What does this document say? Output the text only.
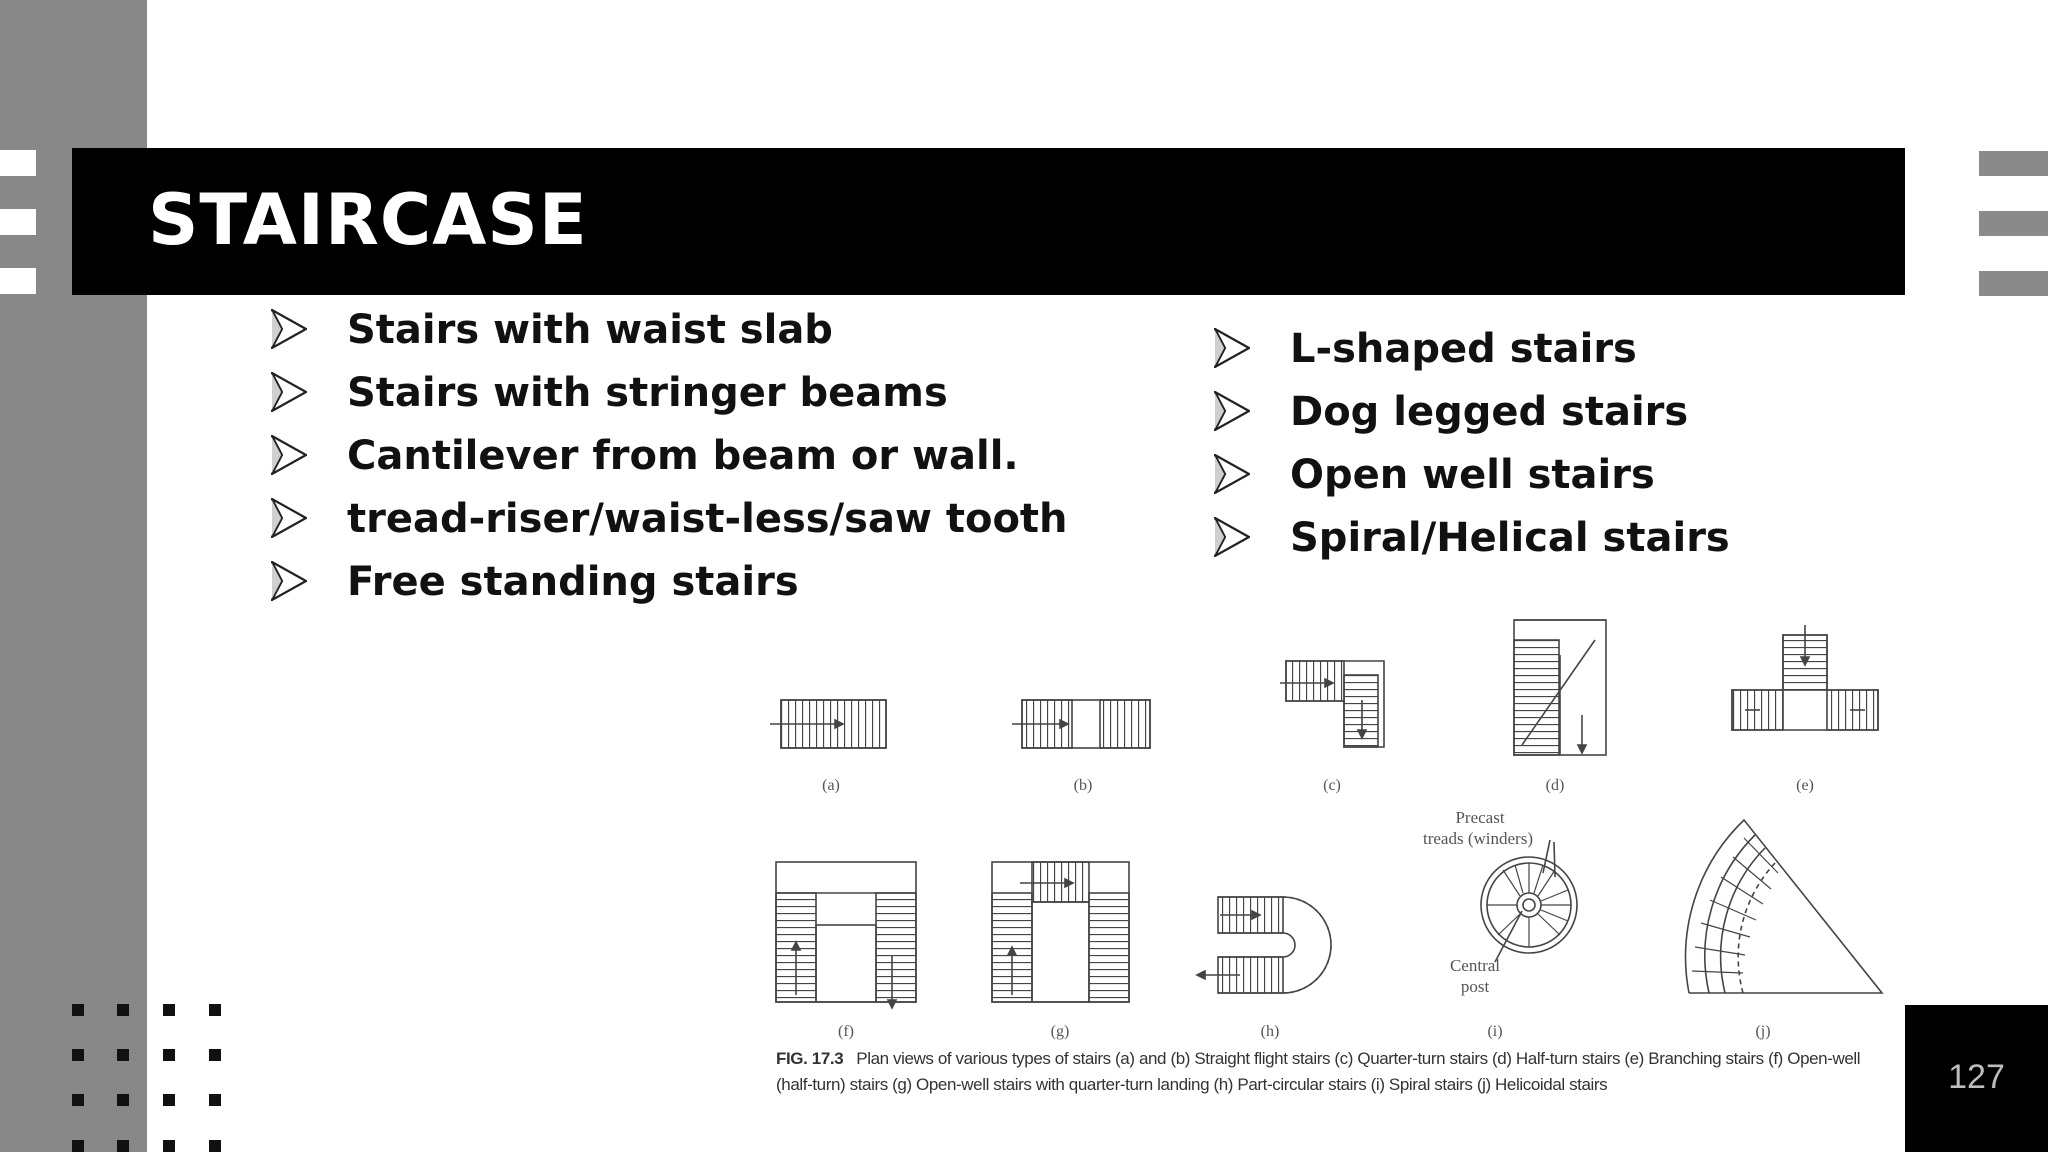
STAIRCASE
Stairs with waist slab
Stairs with stringer beams
Cantilever from beam or wall.
tread-riser/waist-less/saw tooth
Free standing stairs
L-shaped stairs
Dog legged stairs
Open well stairs
Spiral/Helical stairs
(a)	(b)	(c)	(d)	(e)
(f)	(g)	(h)	(i)	(j)
Precast
treads (winders)
Central
post
FIG. 17.3 Plan views of various types of stairs (a) and (b) Straight flight stairs (c) Quarter-turn stairs (d) Half-turn stairs (e) Branching stairs (f) Open-well (half-turn) stairs (g) Open-well stairs with quarter-turn landing (h) Part-circular stairs (i) Spiral stairs (j) Helicoidal stairs	127
